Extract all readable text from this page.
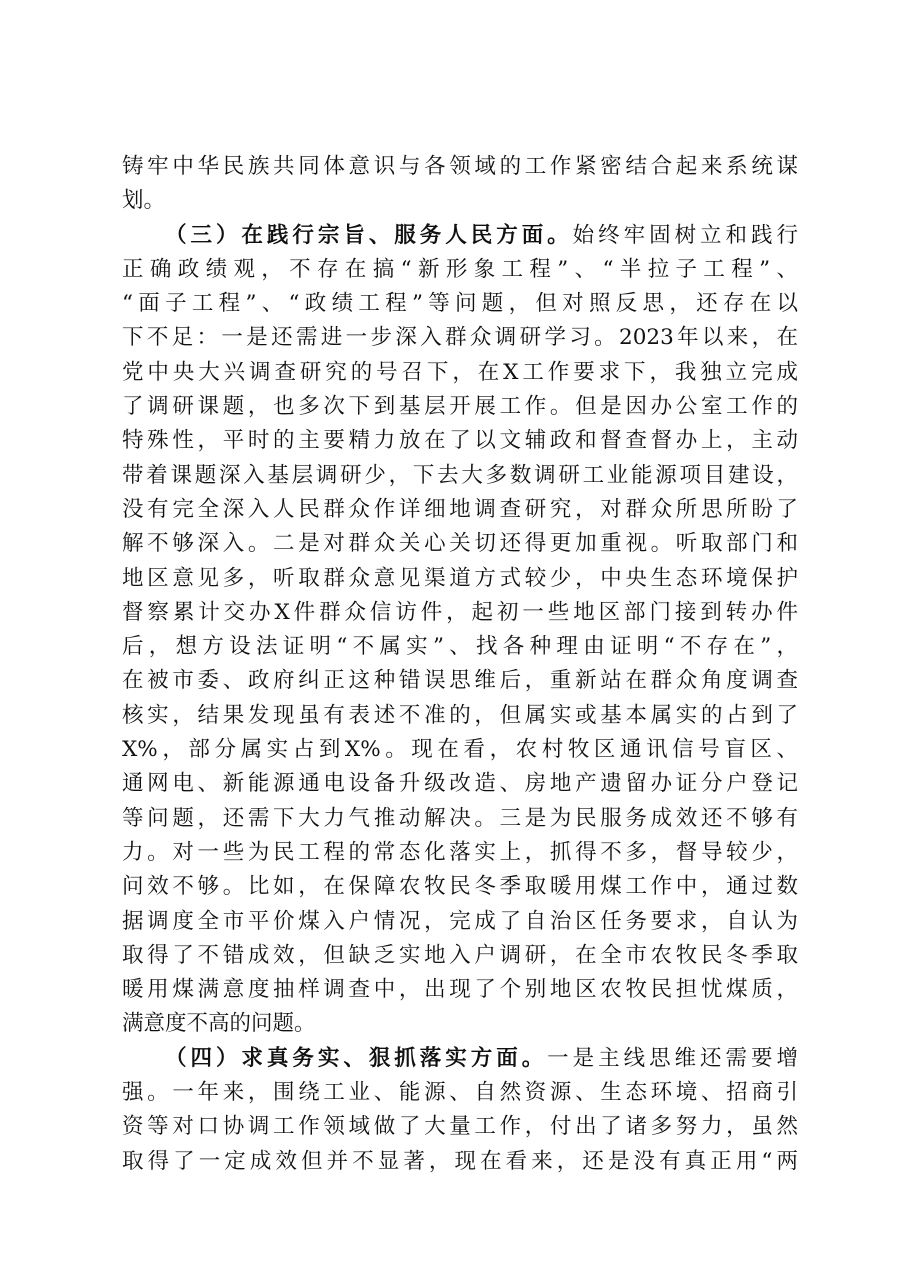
铸牢中华民族共同体意识与各领域的工作紧密结合起来系统谋
划。
（三）在践行宗旨、服务人民方面。始终牢固树立和践行
正确政绩观，不存在搞“新形象工程”、“半拉子工程”、
“面子工程”、“政绩工程”等问题，但对照反思，还存在以
下不足：一是还需进一步深入群众调研学习。2023年以来，在
党中央大兴调查研究的号召下，在X工作要求下，我独立完成
了调研课题，也多次下到基层开展工作。但是因办公室工作的
特殊性，平时的主要精力放在了以文辅政和督查督办上，主动
带着课题深入基层调研少，下去大多数调研工业能源项目建设，
没有完全深入人民群众作详细地调查研究，对群众所思所盼了
解不够深入。二是对群众关心关切还得更加重视。听取部门和
地区意见多，听取群众意见渠道方式较少，中央生态环境保护
督察累计交办X件群众信访件，起初一些地区部门接到转办件
后，想方设法证明“不属实”、找各种理由证明“不存在”，
在被市委、政府纠正这种错误思维后，重新站在群众角度调查
核实，结果发现虽有表述不准的，但属实或基本属实的占到了
X%，部分属实占到X%。现在看，农村牧区通讯信号盲区、
通网电、新能源通电设备升级改造、房地产遗留办证分户登记
等问题，还需下大力气推动解决。三是为民服务成效还不够有
力。对一些为民工程的常态化落实上，抓得不多，督导较少，
问效不够。比如，在保障农牧民冬季取暖用煤工作中，通过数
据调度全市平价煤入户情况，完成了自治区任务要求，自认为
取得了不错成效，但缺乏实地入户调研，在全市农牧民冬季取
暖用煤满意度抽样调查中，出现了个别地区农牧民担忧煤质，
满意度不高的问题。
（四）求真务实、狠抓落实方面。一是主线思维还需要增
强。一年来，围绕工业、能源、自然资源、生态环境、招商引
资等对口协调工作领域做了大量工作，付出了诸多努力，虽然
取得了一定成效但并不显著，现在看来，还是没有真正用“两
